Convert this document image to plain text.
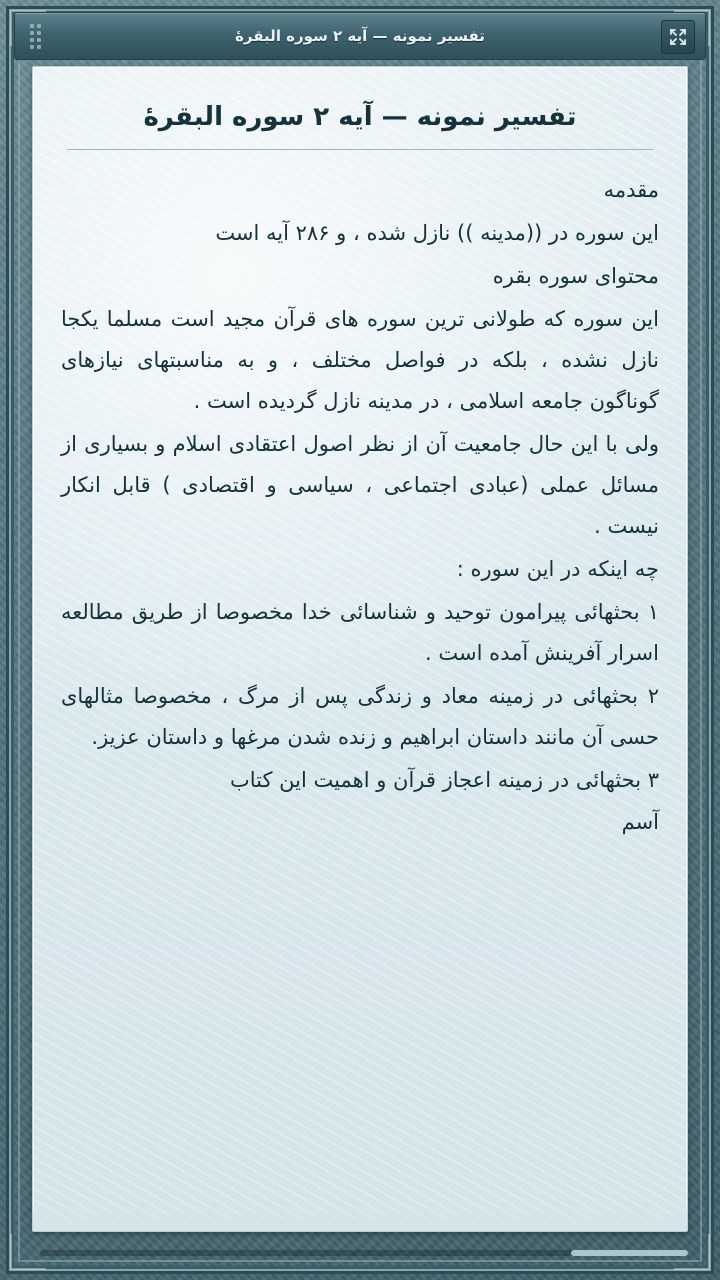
تفسیر نمونه — آیه ۲ سوره البقرهٔ
تفسیر نمونه — آیه ۲ سوره البقرهٔ

مقدمه

این سوره در ((مدینه )) نازل شده ، و ۲۸۶ آیه است

محتوای سوره بقره

این سوره که طولانی ترین سوره های قرآن مجید است مسلما یکجا نازل نشده ، بلکه در فواصل مختلف ، و به مناسبتهای نیازهای گوناگون جامعه اسلامی ، در مدینه نازل گردیده است .

ولی با این حال جامعیت آن از نظر اصول اعتقادی اسلام و بسیاری از مسائل عملی (عبادی اجتماعی ، سیاسی و اقتصادی ) قابل انکار نیست .

چه اینکه در این سوره :

۱ بحثهائی پیرامون توحید و شناسائی خدا مخصوصا از طریق مطالعه اسرار آفرینش آمده است .

۲ بحثهائی در زمینه معاد و زندگی پس از مرگ ، مخصوصا مثالهای حسی آن مانند داستان ابراهیم و زنده شدن مرغها و داستان عزیز.

۳ بحثهائی در زمینه اعجاز قرآن و اهمیت این کتاب

آسم
